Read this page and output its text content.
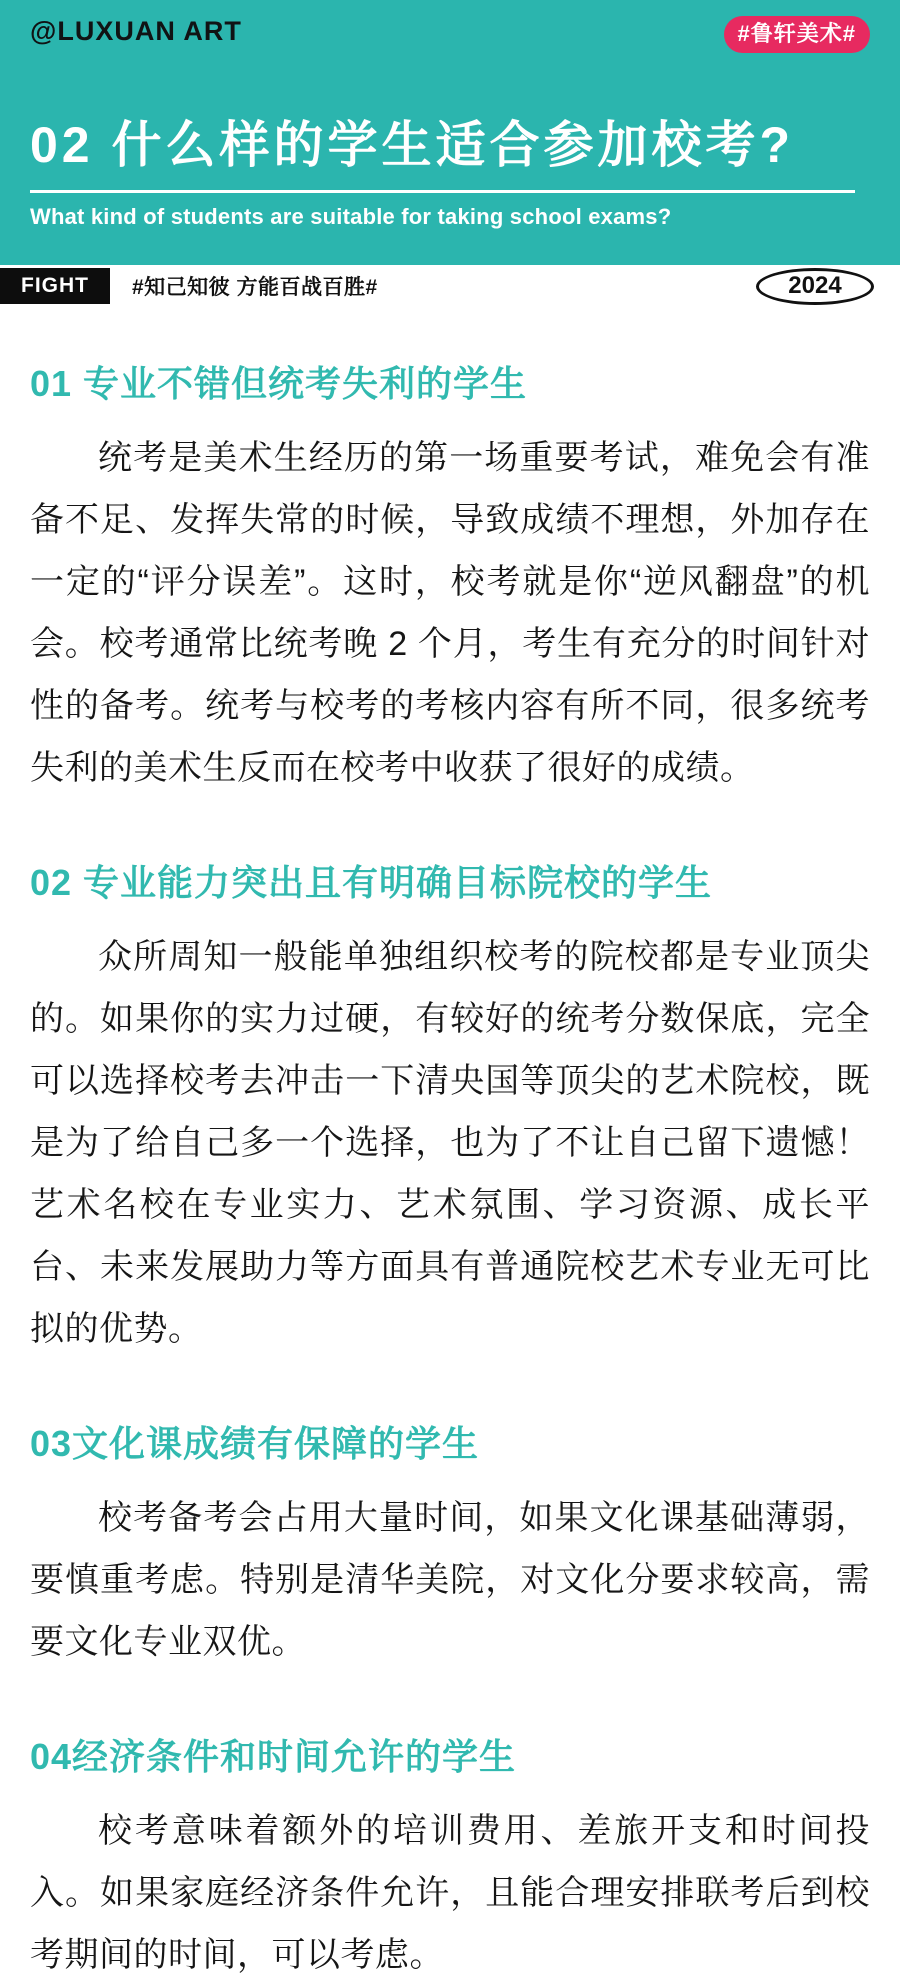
@LUXUAN ART	#鲁轩美术#
02 什么样的学生适合参加校考?
What kind of students are suitable for taking school exams?
FIGHT	#知己知彼 方能百战百胜#	2024
01 专业不错但统考失利的学生

统考是美术生经历的第一场重要考试，难免会有准备不足、发挥失常的时候，导致成绩不理想，外加存在一定的“评分误差”。这时，校考就是你“逆风翻盘”的机会。校考通常比统考晚 2 个月，考生有充分的时间针对性的备考。统考与校考的考核内容有所不同，很多统考失利的美术生反而在校考中收获了很好的成绩。

02 专业能力突出且有明确目标院校的学生

众所周知一般能单独组织校考的院校都是专业顶尖的。如果你的实力过硬，有较好的统考分数保底，完全可以选择校考去冲击一下清央国等顶尖的艺术院校，既是为了给自己多一个选择，也为了不让自己留下遗憾！艺术名校在专业实力、艺术氛围、学习资源、成长平台、未来发展助力等方面具有普通院校艺术专业无可比拟的优势。

03文化课成绩有保障的学生

校考备考会占用大量时间，如果文化课基础薄弱，要慎重考虑。特别是清华美院，对文化分要求较高，需要文化专业双优。

04经济条件和时间允许的学生

校考意味着额外的培训费用、差旅开支和时间投入。如果家庭经济条件允许，且能合理安排联考后到校考期间的时间，可以考虑。
